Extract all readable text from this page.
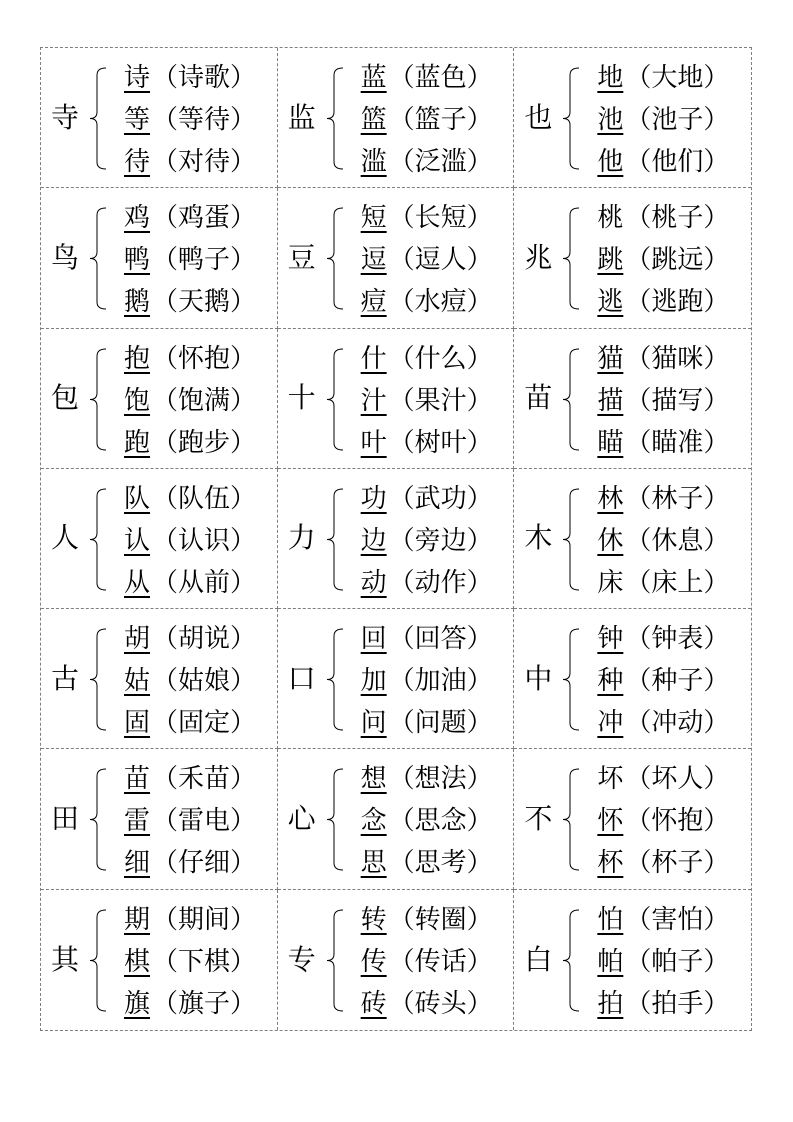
寺
诗（诗歌）
等（等待）
待（对待）
监
蓝（蓝色）
篮（篮子）
滥（泛滥）
也
地（大地）
池（池子）
他（他们）
鸟
鸡（鸡蛋）
鸭（鸭子）
鹅（天鹅）
豆
短（长短）
逗（逗人）
痘（水痘）
兆
桃（桃子）
跳（跳远）
逃（逃跑）
包
抱（怀抱）
饱（饱满）
跑（跑步）
十
什（什么）
汁（果汁）
叶（树叶）
苗
猫（猫咪）
描（描写）
瞄（瞄准）
人
队（队伍）
认（认识）
从（从前）
力
功（武功）
边（旁边）
动（动作）
木
林（林子）
休（休息）
床（床上）
古
胡（胡说）
姑（姑娘）
固（固定）
口
回（回答）
加（加油）
问（问题）
中
钟（钟表）
种（种子）
冲（冲动）
田
苗（禾苗）
雷（雷电）
细（仔细）
心
想（想法）
念（思念）
思（思考）
不
坏（坏人）
怀（怀抱）
杯（杯子）
其
期（期间）
棋（下棋）
旗（旗子）
专
转（转圈）
传（传话）
砖（砖头）
白
怕（害怕）
帕（帕子）
拍（拍手）
